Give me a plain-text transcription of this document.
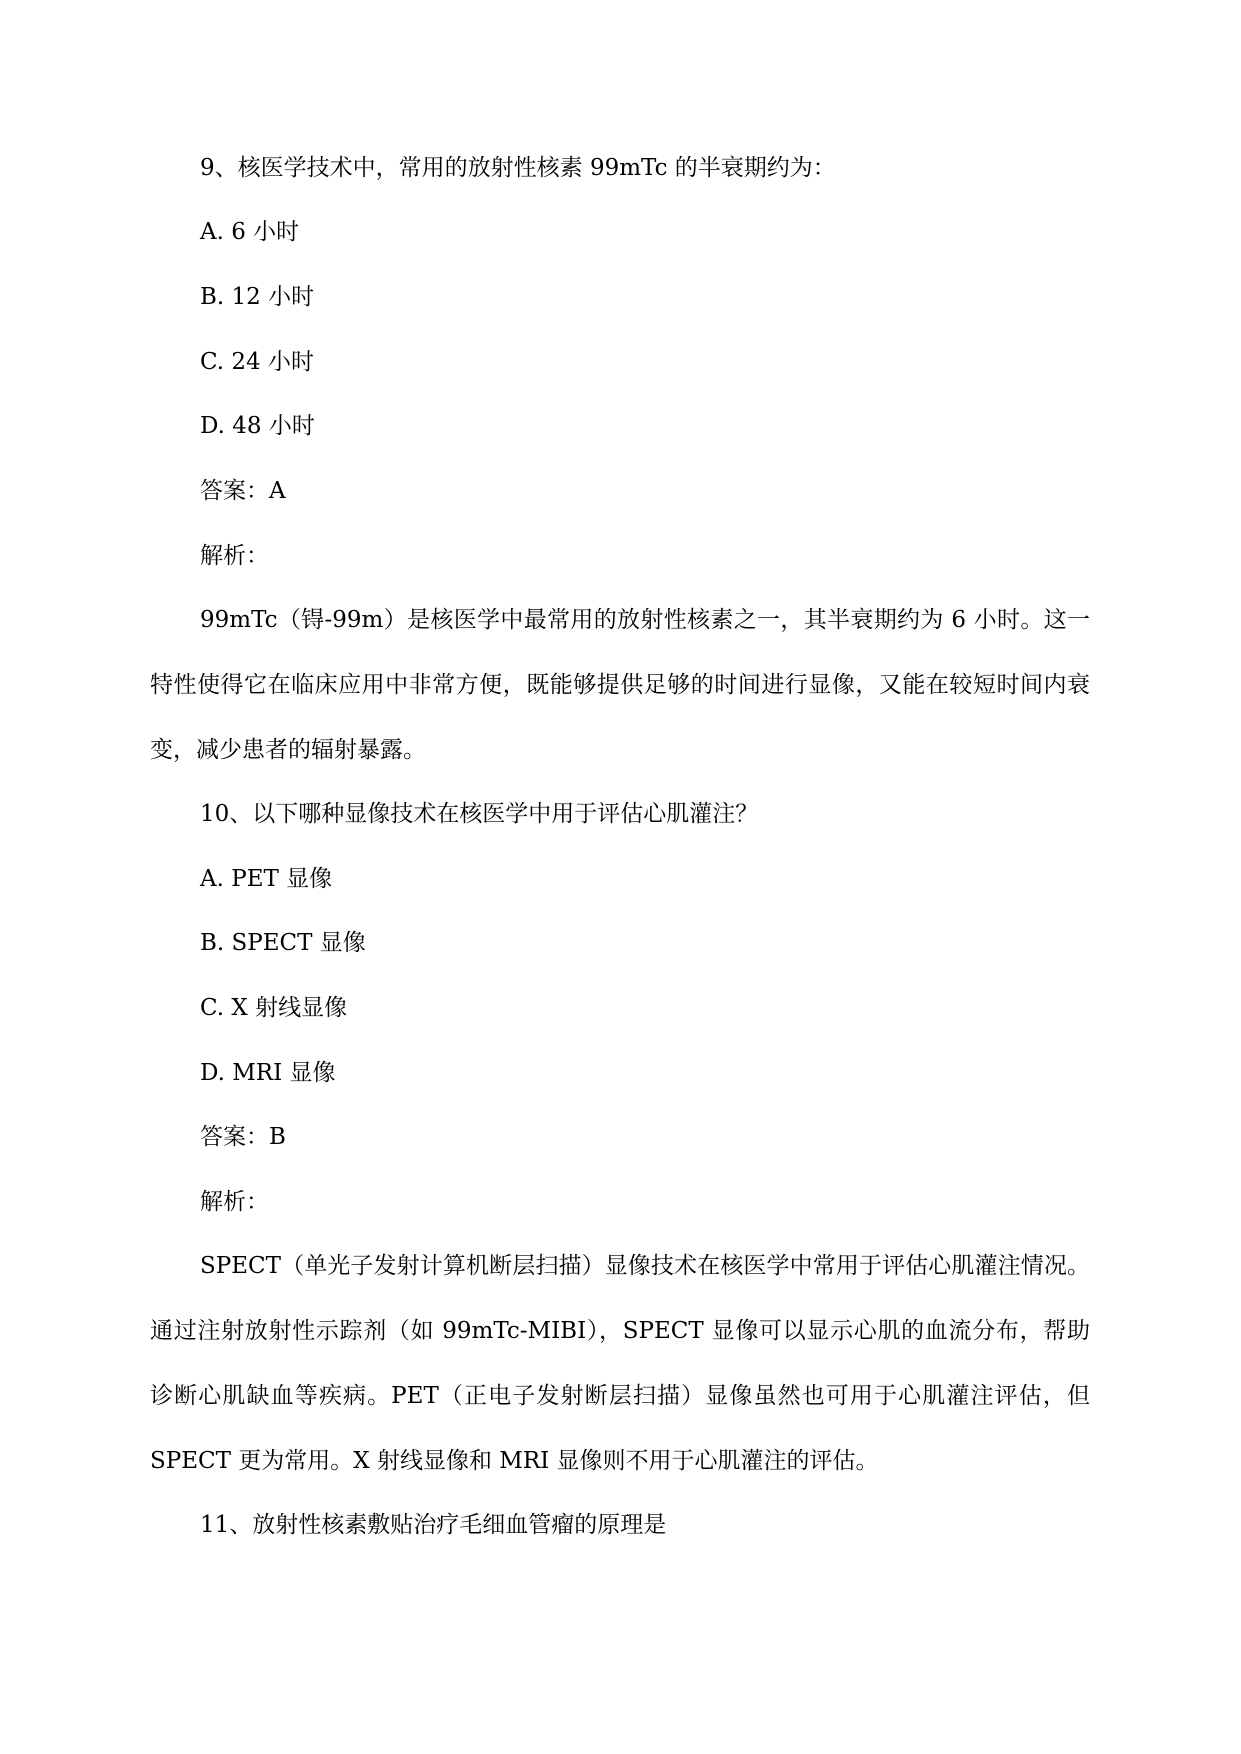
9、核医学技术中，常用的放射性核素 99mTc 的半衰期约为：
A. 6 小时
B. 12 小时
C. 24 小时
D. 48 小时
答案：A
解析：
99mTc（锝-99m）是核医学中最常用的放射性核素之一，其半衰期约为 6 小时。这一特性使得它在临床应用中非常方便，既能够提供足够的时间进行显像，又能在较短时间内衰变，减少患者的辐射暴露。
10、以下哪种显像技术在核医学中用于评估心肌灌注？
A. PET 显像
B. SPECT 显像
C. X 射线显像
D. MRI 显像
答案：B
解析：
SPECT（单光子发射计算机断层扫描）显像技术在核医学中常用于评估心肌灌注情况。通过注射放射性示踪剂（如 99mTc-MIBI），SPECT 显像可以显示心肌的血流分布，帮助诊断心肌缺血等疾病。PET（正电子发射断层扫描）显像虽然也可用于心肌灌注评估，但 SPECT 更为常用。X 射线显像和 MRI 显像则不用于心肌灌注的评估。
11、放射性核素敷贴治疗毛细血管瘤的原理是
